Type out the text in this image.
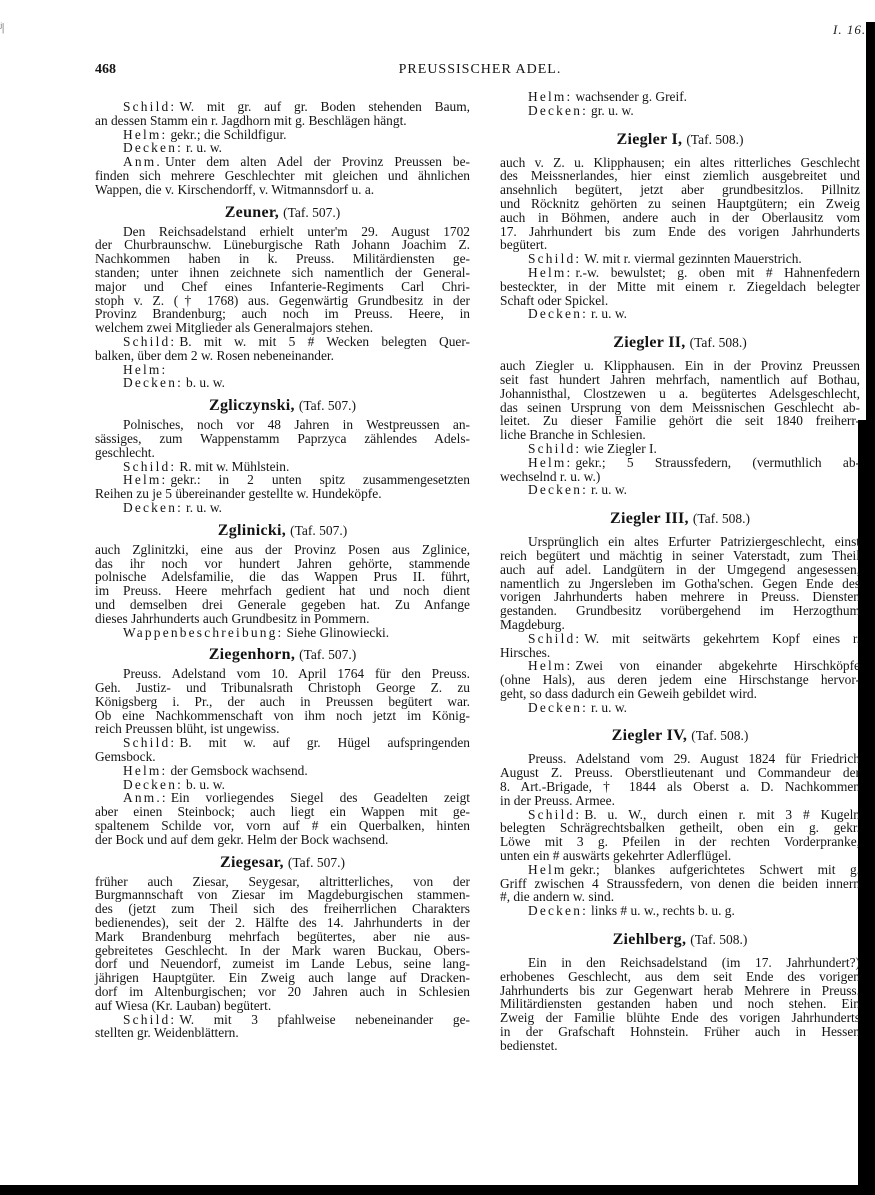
ʲ|	I. 16.
468	PREUSSISCHER ADEL.
Schild: W. mit gr. auf gr. Boden stehenden Baum,
an dessen Stamm ein r. Jagdhorn mit g. Beschlägen hängt.
Helm: gekr.; die Schildfigur.
Decken: r. u. w.
Anm. Unter dem alten Adel der Provinz Preussen be-
finden sich mehrere Geschlechter mit gleichen und ähnlichen
Wappen, die v. Kirschendorff, v. Witmannsdorf u. a.
Zeuner, (Taf. 507.)
Den Reichsadelstand erhielt unter'm 29. August 1702
der Churbraunschw. Lüneburgische Rath Johann Joachim Z.
Nachkommen haben in k. Preuss. Militärdiensten ge-
standen; unter ihnen zeichnete sich namentlich der General-
major und Chef eines Infanterie-Regiments Carl Chri-
stoph v. Z. († 1768) aus. Gegenwärtig Grundbesitz in der
Provinz Brandenburg; auch noch im Preuss. Heere, in
welchem zwei Mitglieder als Generalmajors stehen.
Schild: B. mit w. mit 5 # Wecken belegten Quer-
balken, über dem 2 w. Rosen nebeneinander.
Helm:
Decken: b. u. w.
Zgliczynski, (Taf. 507.)
Polnisches, noch vor 48 Jahren in Westpreussen an-
sässiges, zum Wappenstamm Paprzyca zählendes Adels-
geschlecht.
Schild: R. mit w. Mühlstein.
Helm: gekr.: in 2 unten spitz zusammengesetzten
Reihen zu je 5 übereinander gestellte w. Hundeköpfe.
Decken: r. u. w.
Zglinicki, (Taf. 507.)
auch Zglinitzki, eine aus der Provinz Posen aus Zglinice,
das ihr noch vor hundert Jahren gehörte, stammende
polnische Adelsfamilie, die das Wappen Prus II. führt,
im Preuss. Heere mehrfach gedient hat und noch dient
und demselben drei Generale gegeben hat. Zu Anfange
dieses Jahrhunderts auch Grundbesitz in Pommern.
Wappenbeschreibung: Siehe Glinowiecki.
Ziegenhorn, (Taf. 507.)
Preuss. Adelstand vom 10. April 1764 für den Preuss.
Geh. Justiz- und Tribunalsrath Christoph George Z. zu
Königsberg i. Pr., der auch in Preussen begütert war.
Ob eine Nachkommenschaft von ihm noch jetzt im König-
reich Preussen blüht, ist ungewiss.
Schild: B. mit w. auf gr. Hügel aufspringenden
Gemsbock.
Helm: der Gemsbock wachsend.
Decken: b. u. w.
Anm.: Ein vorliegendes Siegel des Geadelten zeigt
aber einen Steinbock; auch liegt ein Wappen mit ge-
spaltenem Schilde vor, vorn auf # ein Querbalken, hinten
der Bock und auf dem gekr. Helm der Bock wachsend.
Ziegesar, (Taf. 507.)
früher auch Ziesar, Seygesar, altritterliches, von der
Burgmannschaft von Ziesar im Magdeburgischen stammen-
des (jetzt zum Theil sich des freiherrlichen Charakters
bedienendes), seit der 2. Hälfte des 14. Jahrhunderts in der
Mark Brandenburg mehrfach begütertes, aber nie aus-
gebreitetes Geschlecht. In der Mark waren Buckau, Obers-
dorf und Neuendorf, zumeist im Lande Lebus, seine lang-
jährigen Hauptgüter. Ein Zweig auch lange auf Dracken-
dorf im Altenburgischen; vor 20 Jahren auch in Schlesien
auf Wiesa (Kr. Lauban) begütert.
Schild: W. mit 3 pfahlweise nebeneinander ge-
stellten gr. Weidenblättern.
Helm: wachsender g. Greif.
Decken: gr. u. w.
Ziegler I, (Taf. 508.)
auch v. Z. u. Klipphausen; ein altes ritterliches Geschlecht
des Meissnerlandes, hier einst ziemlich ausgebreitet und
ansehnlich begütert, jetzt aber grundbesitzlos. Pillnitz
und Röcknitz gehörten zu seinen Hauptgütern; ein Zweig
auch in Böhmen, andere auch in der Oberlausitz vom
17. Jahrhundert bis zum Ende des vorigen Jahrhunderts
begütert.
Schild: W. mit r. viermal gezinnten Mauerstrich.
Helm: r.-w. bewulstet; g. oben mit # Hahnenfedern
besteckter, in der Mitte mit einem r. Ziegeldach belegter
Schaft oder Spickel.
Decken: r. u. w.
Ziegler II, (Taf. 508.)
auch Ziegler u. Klipphausen. Ein in der Provinz Preussen
seit fast hundert Jahren mehrfach, namentlich auf Bothau,
Johannisthal, Clostzewen u a. begütertes Adelsgeschlecht,
das seinen Ursprung von dem Meissnischen Geschlecht ab-
leitet. Zu dieser Familie gehört die seit 1840 freiherr-
liche Branche in Schlesien.
Schild: wie Ziegler I.
Helm: gekr.; 5 Straussfedern, (vermuthlich ab-
wechselnd r. u. w.)
Decken: r. u. w.
Ziegler III, (Taf. 508.)
Ursprünglich ein altes Erfurter Patriziergeschlecht, einst
reich begütert und mächtig in seiner Vaterstadt, zum Theil
auch auf adel. Landgütern in der Umgegend angesessen,
namentlich zu Jngersleben im Gotha'schen. Gegen Ende des
vorigen Jahrhunderts haben mehrere in Preuss. Diensten
gestanden. Grundbesitz vorübergehend im Herzogthum
Magdeburg.
Schild: W. mit seitwärts gekehrtem Kopf eines r.
Hirsches.
Helm: Zwei von einander abgekehrte Hirschköpfe
(ohne Hals), aus deren jedem eine Hirschstange hervor-
geht, so dass dadurch ein Geweih gebildet wird.
Decken: r. u. w.
Ziegler IV, (Taf. 508.)
Preuss. Adelstand vom 29. August 1824 für Friedrich
August Z. Preuss. Oberstlieutenant und Commandeur der
8. Art.-Brigade, † 1844 als Oberst a. D. Nachkommen
in der Preuss. Armee.
Schild: B. u. W., durch einen r. mit 3 # Kugeln
belegten Schrägrechtsbalken getheilt, oben ein g. gekr.
Löwe mit 3 g. Pfeilen in der rechten Vorderpranke,
unten ein # auswärts gekehrter Adlerflügel.
Helm gekr.; blankes aufgerichtetes Schwert mit g.
Griff zwischen 4 Straussfedern, von denen die beiden innern
#, die andern w. sind.
Decken: links # u. w., rechts b. u. g.
Ziehlberg, (Taf. 508.)
Ein in den Reichsadelstand (im 17. Jahrhundert?)
erhobenes Geschlecht, aus dem seit Ende des vorigen
Jahrhunderts bis zur Gegenwart herab Mehrere in Preuss.
Militärdiensten gestanden haben und noch stehen. Ein
Zweig der Familie blühte Ende des vorigen Jahrhunderts
in der Grafschaft Hohnstein. Früher auch in Hessen
bedienstet.
